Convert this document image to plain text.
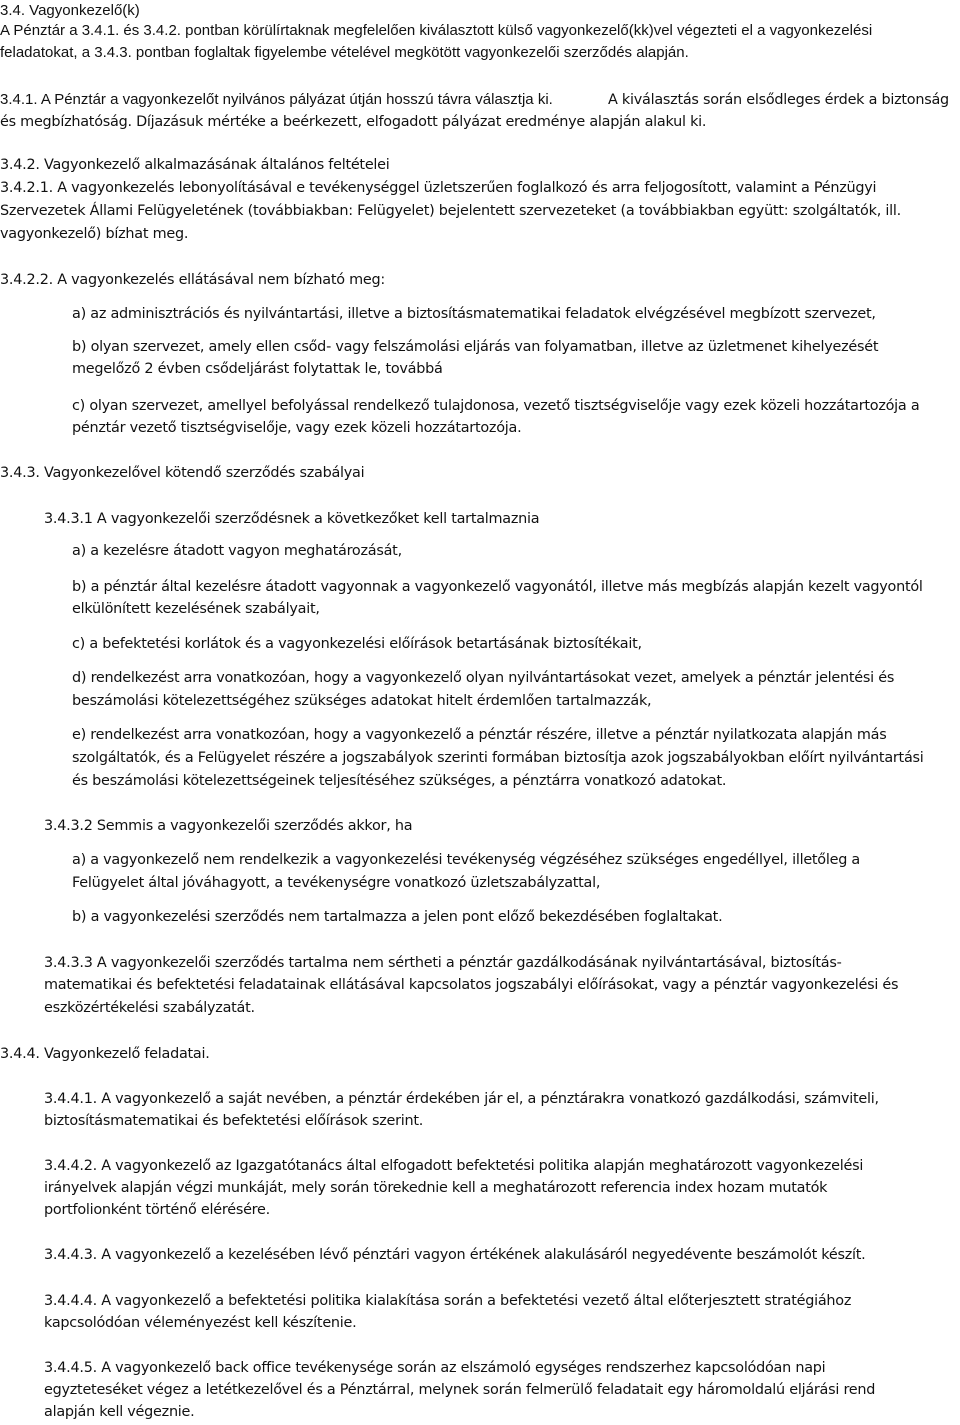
3.4. Vagyonkezelő(k)
A Pénztár a 3.4.1. és 3.4.2. pontban körülírtaknak megfelelően kiválasztott külső vagyonkezelő(kk)vel végezteti el a vagyonkezelési
feladatokat, a 3.4.3. pontban foglaltak figyelembe vételével megkötött vagyonkezelői szerződés alapján.
3.4.1. A Pénztár a vagyonkezelőt nyilvános pályázat útján hosszú távra választja ki.	A kiválasztás során elsődleges érdek a biztonság
és megbízhatóság. Díjazásuk mértéke a beérkezett, elfogadott pályázat eredménye alapján alakul ki.
3.4.2. Vagyonkezelő alkalmazásának általános feltételei
3.4.2.1. A vagyonkezelés lebonyolításával e tevékenységgel üzletszerűen foglalkozó és arra feljogosított, valamint a Pénzügyi
Szervezetek Állami Felügyeletének (továbbiakban: Felügyelet) bejelentett szervezeteket (a továbbiakban együtt: szolgáltatók, ill.
vagyonkezelő) bízhat meg.
3.4.2.2. A vagyonkezelés ellátásával nem bízható meg:
a) az adminisztrációs és nyilvántartási, illetve a biztosításmatematikai feladatok elvégzésével megbízott szervezet,
b) olyan szervezet, amely ellen csőd- vagy felszámolási eljárás van folyamatban, illetve az üzletmenet kihelyezését
megelőző 2 évben csődeljárást folytattak le, továbbá
c) olyan szervezet, amellyel befolyással rendelkező tulajdonosa, vezető tisztségviselője vagy ezek közeli hozzátartozója a
pénztár vezető tisztségviselője, vagy ezek közeli hozzátartozója.
3.4.3. Vagyonkezelővel kötendő szerződés szabályai
3.4.3.1 A vagyonkezelői szerződésnek a következőket kell tartalmaznia
a) a kezelésre átadott vagyon meghatározását,
b) a pénztár által kezelésre átadott vagyonnak a vagyonkezelő vagyonától, illetve más megbízás alapján kezelt vagyontól
elkülönített kezelésének szabályait,
c) a befektetési korlátok és a vagyonkezelési előírások betartásának biztosítékait,
d) rendelkezést arra vonatkozóan, hogy a vagyonkezelő olyan nyilvántartásokat vezet, amelyek a pénztár jelentési és
beszámolási kötelezettségéhez szükséges adatokat hitelt érdemlően tartalmazzák,
e) rendelkezést arra vonatkozóan, hogy a vagyonkezelő a pénztár részére, illetve a pénztár nyilatkozata alapján más
szolgáltatók, és a Felügyelet részére a jogszabályok szerinti formában biztosítja azok jogszabályokban előírt nyilvántartási
és beszámolási kötelezettségeinek teljesítéséhez szükséges, a pénztárra vonatkozó adatokat.
3.4.3.2 Semmis a vagyonkezelői szerződés akkor, ha
a) a vagyonkezelő nem rendelkezik a vagyonkezelési tevékenység végzéséhez szükséges engedéllyel, illetőleg a
Felügyelet által jóváhagyott, a tevékenységre vonatkozó üzletszabályzattal,
b) a vagyonkezelési szerződés nem tartalmazza a jelen pont előző bekezdésében foglaltakat.
3.4.3.3 A vagyonkezelői szerződés tartalma nem sértheti a pénztár gazdálkodásának nyilvántartásával, biztosítás-
matematikai és befektetési feladatainak ellátásával kapcsolatos jogszabályi előírásokat, vagy a pénztár vagyonkezelési és
eszközértékelési szabályzatát.
3.4.4. Vagyonkezelő feladatai.
3.4.4.1. A vagyonkezelő a saját nevében, a pénztár érdekében jár el, a pénztárakra vonatkozó gazdálkodási, számviteli,
biztosításmatematikai és befektetési előírások szerint.
3.4.4.2. A vagyonkezelő az Igazgatótanács által elfogadott befektetési politika alapján meghatározott vagyonkezelési
irányelvek alapján végzi munkáját, mely során törekednie kell a meghatározott referencia index hozam mutatók
portfolionként történő elérésére.
3.4.4.3. A vagyonkezelő a kezelésében lévő pénztári vagyon értékének alakulásáról negyedévente beszámolót készít.
3.4.4.4. A vagyonkezelő a befektetési politika kialakítása során a befektetési vezető által előterjesztett stratégiához
kapcsolódóan véleményezést kell készítenie.
3.4.4.5. A vagyonkezelő back office tevékenysége során az elszámoló egységes rendszerhez kapcsolódóan napi
egyzteteséket végez a letétkezelővel és a Pénztárral, melynek során felmerülő feladatait egy háromoldalú eljárási rend
alapján kell végeznie.
